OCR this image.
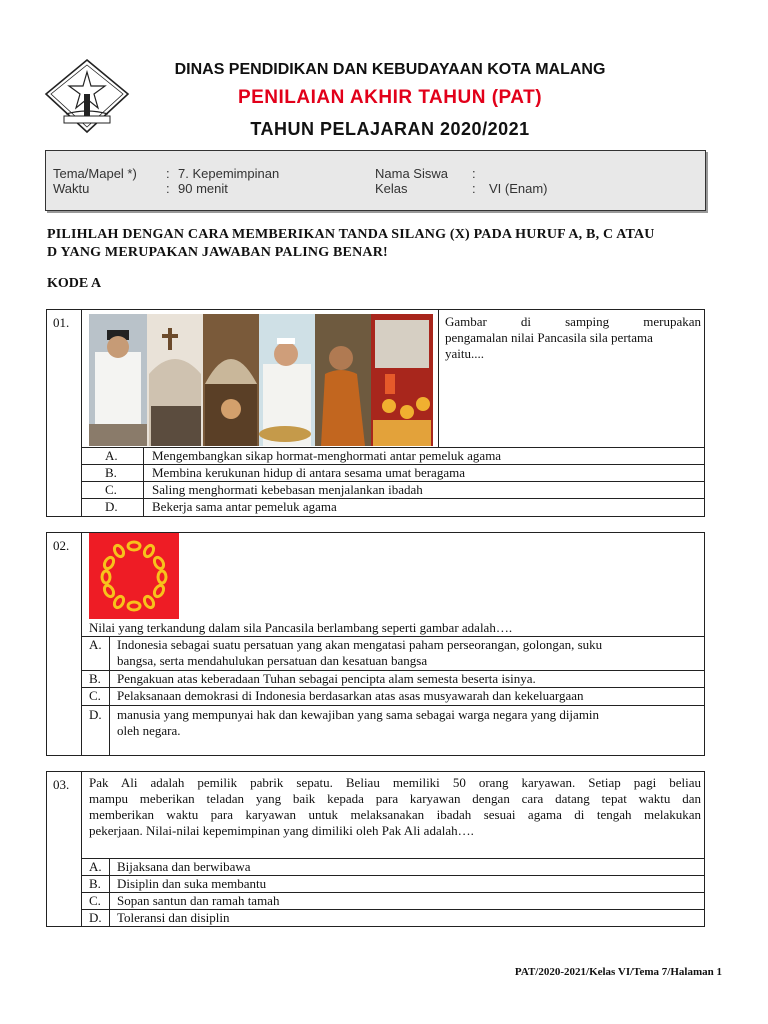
DINAS PENDIDIKAN DAN KEBUDAYAAN KOTA MALANG
PENILAIAN AKHIR TAHUN (PAT)
TAHUN PELAJARAN 2020/2021
Tema/Mapel *) : 7. Kepemimpinan	Nama Siswa :
Waktu	: 90 menit	Kelas	: VI (Enam)
PILIHLAH DENGAN CARA MEMBERIKAN TANDA SILANG (X) PADA HURUF A, B, C ATAU
D YANG MERUPAKAN JAWABAN PALING BENAR!
KODE A
01.	Gambar di samping merupakan
pengamalan nilai Pancasila sila pertama
yaitu....
A.	Mengembangkan sikap hormat-menghormati antar pemeluk agama
B.	Membina kerukunan hidup di antara sesama umat beragama
C.	Saling menghormati kebebasan menjalankan ibadah
D.	Bekerja sama antar pemeluk agama
02.
Nilai yang terkandung dalam sila Pancasila berlambang seperti gambar adalah….
A. Indonesia sebagai suatu persatuan yang akan mengatasi paham perseorangan, golongan, suku
bangsa, serta mendahulukan persatuan dan kesatuan bangsa
B. Pengakuan atas keberadaan Tuhan sebagai pencipta alam semesta beserta isinya.
C. Pelaksanaan demokrasi di Indonesia berdasarkan atas asas musyawarah dan kekeluargaan
D. manusia yang mempunyai hak dan kewajiban yang sama sebagai warga negara yang dijamin
oleh negara.
03.	Pak Ali adalah pemilik pabrik sepatu. Beliau memiliki 50 orang karyawan. Setiap pagi beliau
mampu meberikan teladan yang baik kepada para karyawan dengan cara datang tepat waktu dan
memberikan waktu para karyawan untuk melaksanakan ibadah sesuai agama di tengah melakukan
pekerjaan. Nilai-nilai kepemimpinan yang dimiliki oleh Pak Ali adalah….
A. Bijaksana dan berwibawa
B. Disiplin dan suka membantu
C. Sopan santun dan ramah tamah
D. Toleransi dan disiplin
PAT/2020-2021/Kelas VI/Tema 7/Halaman 1
